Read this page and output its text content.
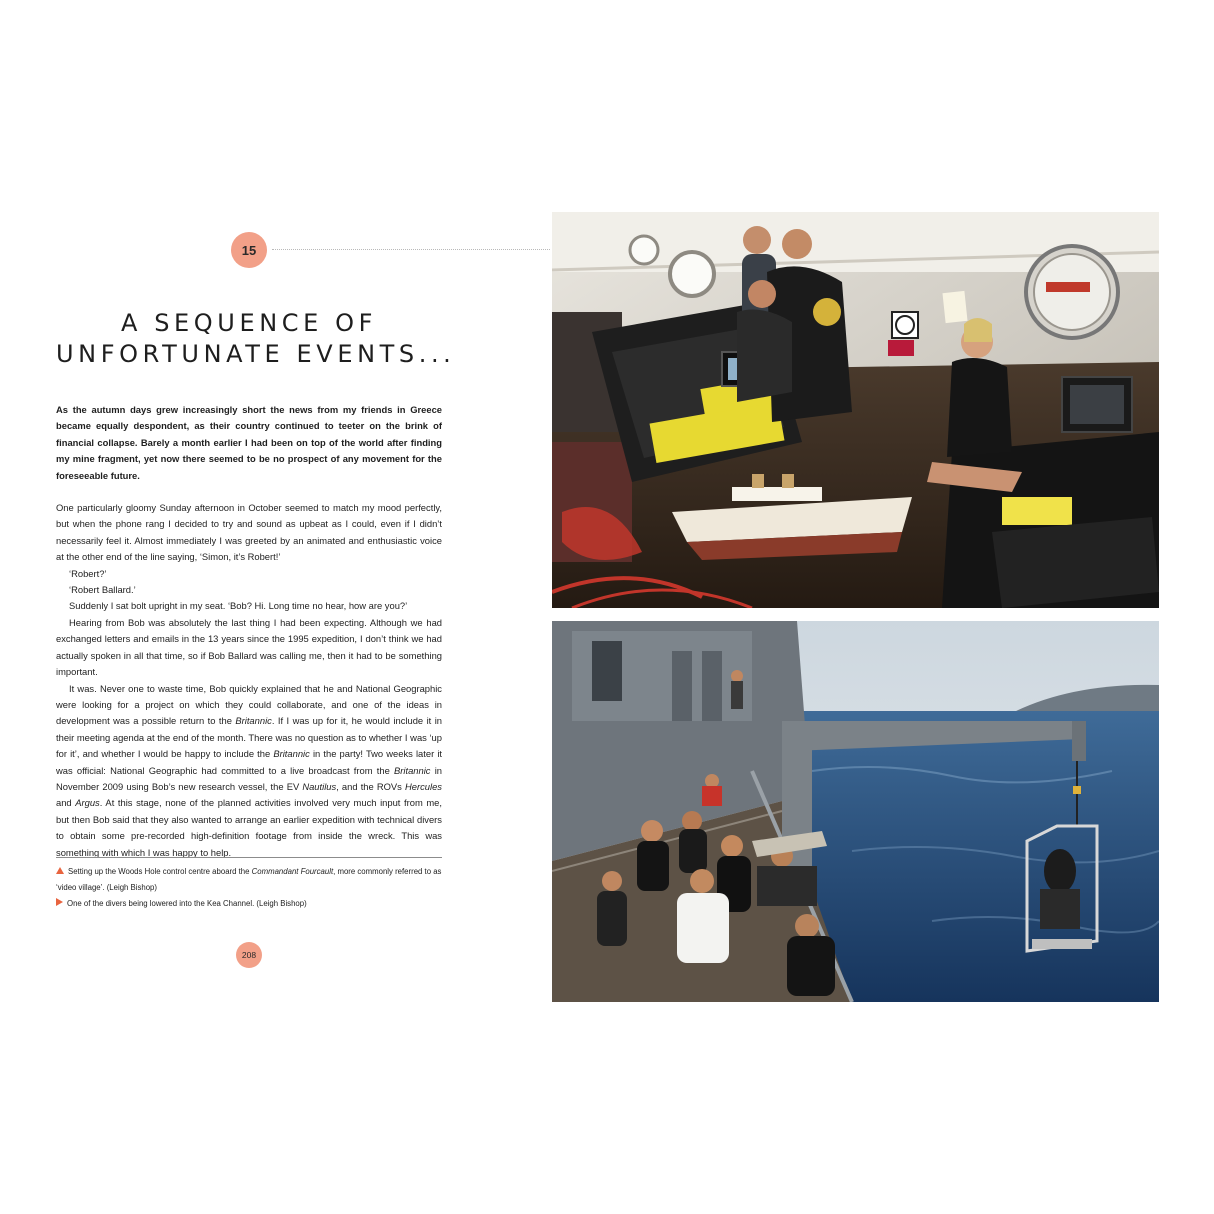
15
A SEQUENCE OF
UNFORTUNATE EVENTS...

As the autumn days grew increasingly short the news from my friends in Greece became equally despondent, as their country continued to teeter on the brink of financial collapse. Barely a month earlier I had been on top of the world after finding my mine fragment, yet now there seemed to be no prospect of any movement for the foreseeable future.

One particularly gloomy Sunday afternoon in October seemed to match my mood perfectly, but when the phone rang I decided to try and sound as upbeat as I could, even if I didn’t necessarily feel it. Almost immediately I was greeted by an animated and enthusiastic voice at the other end of the line saying, ‘Simon, it’s Robert!’

‘Robert?’

‘Robert Ballard.’

Suddenly I sat bolt upright in my seat. ‘Bob? Hi. Long time no hear, how are you?’

Hearing from Bob was absolutely the last thing I had been expecting. Although we had exchanged letters and emails in the 13 years since the 1995 expedition, I don’t think we had actually spoken in all that time, so if Bob Ballard was calling me, then it had to be something important.

It was. Never one to waste time, Bob quickly explained that he and National Geographic were looking for a project on which they could collaborate, and one of the ideas in development was a possible return to the Britannic. If I was up for it, he would include it in their meeting agenda at the end of the month. There was no question as to whether I was ‘up for it’, and whether I would be happy to include the Britannic in the party! Two weeks later it was official: National Geographic had committed to a live broadcast from the Britannic in November 2009 using Bob’s new research vessel, the EV Nautilus, and the ROVs Hercules and Argus. At this stage, none of the planned activities involved very much input from me, but then Bob said that they also wanted to arrange an earlier expedition with technical divers to obtain some pre-recorded high-definition footage from inside the wreck. This was something with which I was happy to help.

Setting up the Woods Hole control centre aboard the Commandant Fourcault, more commonly referred to as ‘video village’. (Leigh Bishop)

One of the divers being lowered into the Kea Channel. (Leigh Bishop)

208
